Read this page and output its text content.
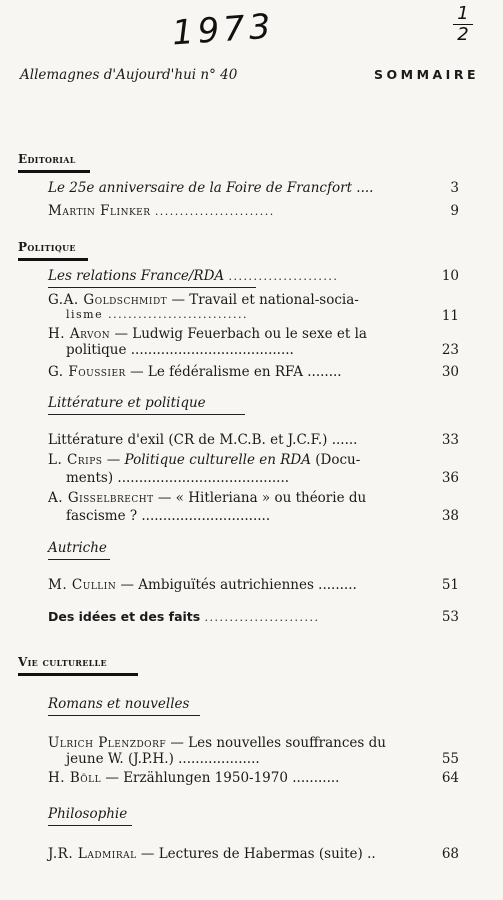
1973	1
2
Allemagnes d'Aujourd'hui n° 40	SOMMAIRE
Editorial
Le 25e anniversaire de la Foire de Francfort ....	3
Martin Flinker ........................	9
Politique
Les relations France/RDA ......................	10
G.A. Goldschmidt — Travail et national-socia-
lisme ............................	11
H. Arvon — Ludwig Feuerbach ou le sexe et la
politique ......................................	23
G. Foussier — Le fédéralisme en RFA ........	30
Littérature et politique
Littérature d'exil (CR de M.C.B. et J.C.F.) ......	33
L. Crips — Politique culturelle en RDA (Docu-
ments) ........................................	36
A. Gisselbrecht — « Hitleriana » ou théorie du
fascisme ? ..............................	38
Autriche
M. Cullin — Ambiguïtés autrichiennes .........	51
Des idées et des faits .......................	53
Vie culturelle
Romans et nouvelles
Ulrich Plenzdorf — Les nouvelles souffrances du
jeune W. (J.P.H.) ...................	55
H. Böll — Erzählungen 1950-1970 ...........	64
Philosophie
J.R. Ladmiral — Lectures de Habermas (suite) ..	68
